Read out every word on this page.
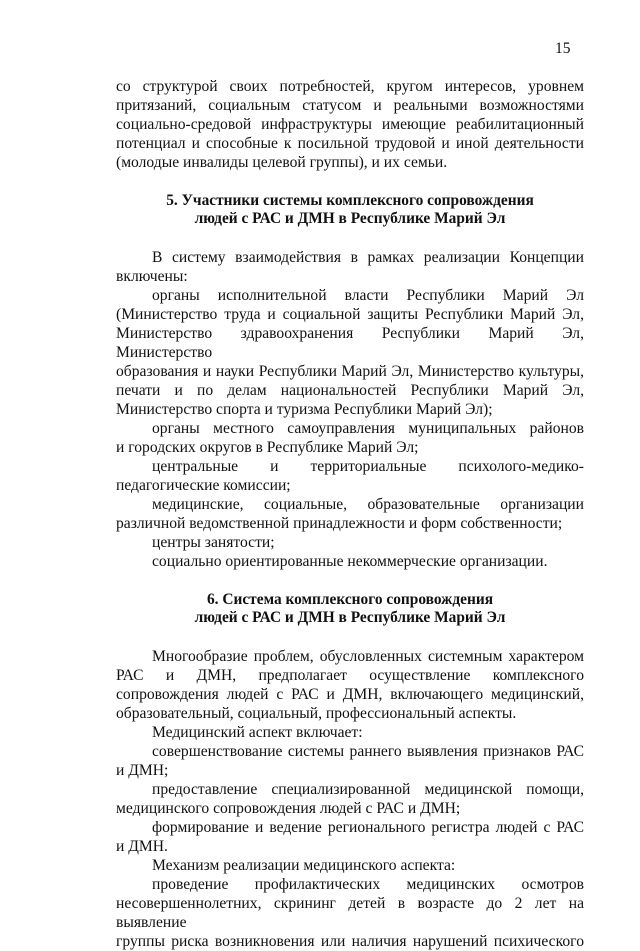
15

со структурой своих потребностей, кругом интересов, уровнем

притязаний, социальным статусом и реальными возможностями

социально-средовой инфраструктуры имеющие реабилитационный

потенциал и способные к посильной трудовой и иной деятельности

(молодые инвалиды целевой группы), и их семьи.

5. Участники системы комплексного сопровождения

людей с РАС и ДМН в Республике Марий Эл

В систему взаимодействия в рамках реализации Концепции

включены:

органы исполнительной власти Республики Марий Эл

(Министерство труда и социальной защиты Республики Марий Эл,

Министерство здравоохранения Республики Марий Эл, Министерство

образования и науки Республики Марий Эл, Министерство культуры,

печати и по делам национальностей Республики Марий Эл,

Министерство спорта и туризма Республики Марий Эл);

органы местного самоуправления муниципальных районов

и городских округов в Республике Марий Эл;

центральные и территориальные психолого-медико-

педагогические комиссии;

медицинские, социальные, образовательные организации

различной ведомственной принадлежности и форм собственности;

центры занятости;

социально ориентированные некоммерческие организации.

6. Система комплексного сопровождения

людей с РАС и ДМН в Республике Марий Эл

Многообразие проблем, обусловленных системным характером

РАС и ДМН, предполагает осуществление комплексного

сопровождения людей с РАС и ДМН, включающего медицинский,

образовательный, социальный, профессиональный аспекты.

Медицинский аспект включает:

совершенствование системы раннего выявления признаков РАС

и ДМН;

предоставление специализированной медицинской помощи,

медицинского сопровождения людей с РАС и ДМН;

формирование и ведение регионального регистра людей с РАС

и ДМН.

Механизм реализации медицинского аспекта:

проведение профилактических медицинских осмотров

несовершеннолетних, скрининг детей в возрасте до 2 лет на выявление

группы риска возникновения или наличия нарушений психического
